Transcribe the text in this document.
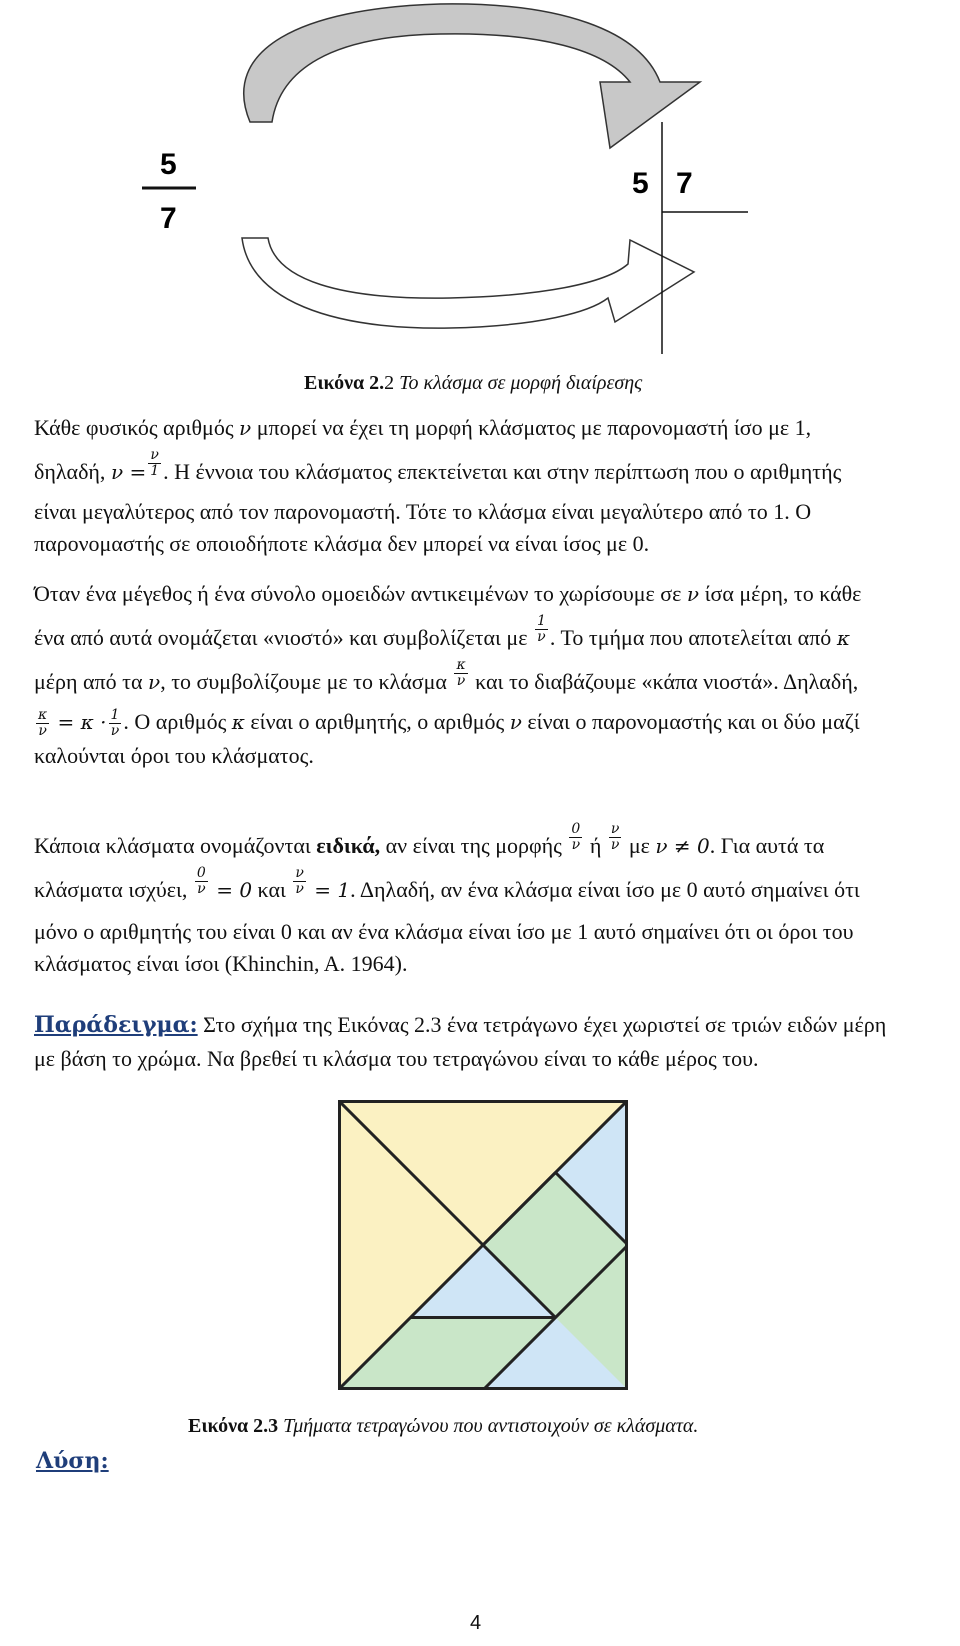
5
7
5 7
Εικόνα 2.2 Το κλάσμα σε μορφή διαίρεσης
Κάθε φυσικός αριθμός ν μπορεί να έχει τη μορφή κλάσματος με παρονομαστή ίσο με 1,
δηλαδή, $\nu = \frac{\nu}{1}$ . Η έννοια του κλάσματος επεκτείνεται και στην περίπτωση που ο αριθμητής
είναι μεγαλύτερος από τον παρονομαστή. Τότε το κλάσμα είναι μεγαλύτερο από το 1. Ο
παρονομαστής σε οποιοδήποτε κλάσμα δεν μπορεί να είναι ίσος με 0.
Όταν ένα μέγεθος ή ένα σύνολο ομοειδών αντικειμένων το χωρίσουμε σε ν ίσα μέρη, το κάθε
ένα από αυτά ονομάζεται «νιοστό» και συμβολίζεται με $\frac{1}{\nu}$ . Το τμήμα που αποτελείται από κ
μέρη από τα ν, το συμβολίζουμε με το κλάσμα $\frac{\kappa}{\nu}$ και το διαβάζουμε «κάπα νιοστά». Δηλαδή,
$\frac{\kappa}{\nu} = \kappa \cdot \frac{1}{\nu}$ . Ο αριθμός κ είναι ο αριθμητής, ο αριθμός ν είναι ο παρονομαστής και οι δύο μαζί
καλούνται όροι του κλάσματος.
Κάποια κλάσματα ονομάζονται ειδικά, αν είναι της μορφής $\frac{0}{\nu}$ ή $\frac{\nu}{\nu}$ με ν ≠ 0. Για αυτά τα
κλάσματα ισχύει, $\frac{0}{\nu} = 0$ και $\frac{\nu}{\nu} = 1$. Δηλαδή, αν ένα κλάσμα είναι ίσο με 0 αυτό σημαίνει ότι
μόνο ο αριθμητής του είναι 0 και αν ένα κλάσμα είναι ίσο με 1 αυτό σημαίνει ότι οι όροι του
κλάσματος είναι ίσοι (Khinchin, A. 1964).
Παράδειγμα: Στο σχήμα της Εικόνας 2.3 ένα τετράγωνο έχει χωριστεί σε τριών ειδών μέρη
με βάση το χρώμα. Να βρεθεί τι κλάσμα του τετραγώνου είναι το κάθε μέρος του.
Εικόνα 2.3 Τμήματα τετραγώνου που αντιστοιχούν σε κλάσματα.
Λύση:
4
